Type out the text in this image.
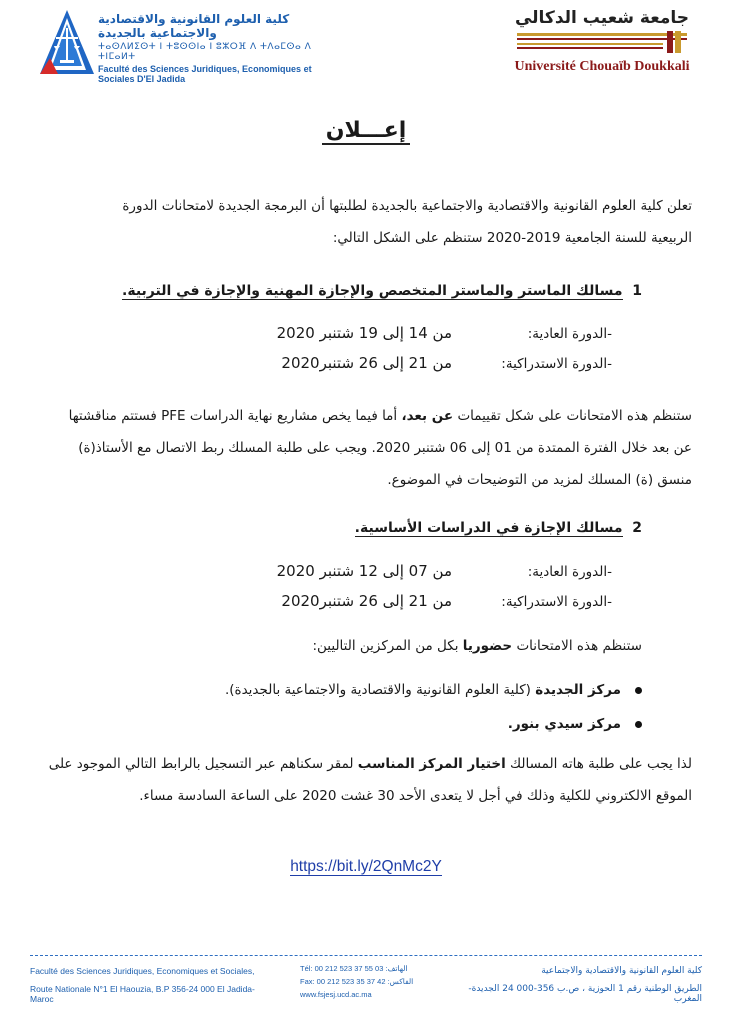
كلية العلوم القانونية والاقتصادية والاجتماعية بالجديدة
ⵜⴰⵙⴷⵍⵉⵙⵜ ⵏ ⵜⵓⵙⵙⵏⴰ ⵏ ⵓⵣⵔⴼ ⴷ ⵜⴷⴰⵎⵙⴰ ⴷ ⵜⵏⵎⴰⵍⵜ
Faculté des Sciences Juridiques, Economiques et Sociales D'El Jadida
جامعة شعيب الدكالي
Université Chouaïb Doukkali
إعـــلان
تعلن كلية العلوم القانونية والاقتصادية والاجتماعية بالجديدة لطلبتها أن البرمجة الجديدة لامتحانات الدورة
الربيعية للسنة الجامعية 2019-2020 ستنظم على الشكل التالي:
1  مسالك الماستر والماستر المتخصص والإجازة المهنية والإجازة في التربية.
-الدورة العادية:من 14 إلى 19 شتنبر 2020
-الدورة الاستدراكية:من 21 إلى 26 شتنبر2020
ستنظم هذه الامتحانات على شكل تقييمات عن بعد، أما فيما يخص مشاريع نهاية الدراسات PFE فستتم مناقشتها
عن بعد خلال الفترة الممتدة من 01 إلى 06 شتنبر 2020. ويجب على طلبة المسلك ربط الاتصال مع الأستاذ(ة)
منسق (ة) المسلك لمزيد من التوضيحات في الموضوع.
2  مسالك الإجازة في الدراسات الأساسية.
-الدورة العادية:من 07 إلى 12 شتنبر 2020
-الدورة الاستدراكية:من 21 إلى 26 شتنبر2020
ستنظم هذه الامتحانات حضوريا بكل من المركزين التاليين:
مركز الجديدة (كلية العلوم القانونية والاقتصادية والاجتماعية بالجديدة).
مركز سيدي بنور.
لذا يجب على طلبة هاته المسالك اختيار المركز المناسب لمقر سكناهم عبر التسجيل بالرابط التالي الموجود على
الموقع الالكتروني للكلية وذلك في أجل لا يتعدى الأحد 30 غشت 2020 على الساعة السادسة مساء.
https://bit.ly/2QnMc2Y
Faculté des Sciences Juridiques, Economiques et Sociales,
Route Nationale N°1 El Haouzia, B.P 356-24 000 El Jadida-Maroc
Tél: 00 212 523 37 55 03 :الهاتف
Fax: 00 212 523 35 37 42 :الفاكس
www.fsjesj.ucd.ac.ma
كلية العلوم القانونية والاقتصادية والاجتماعية
الطريق الوطنية رقم 1 الحوزية ، ص.ب 356-000 24 الجديدة-المغرب
